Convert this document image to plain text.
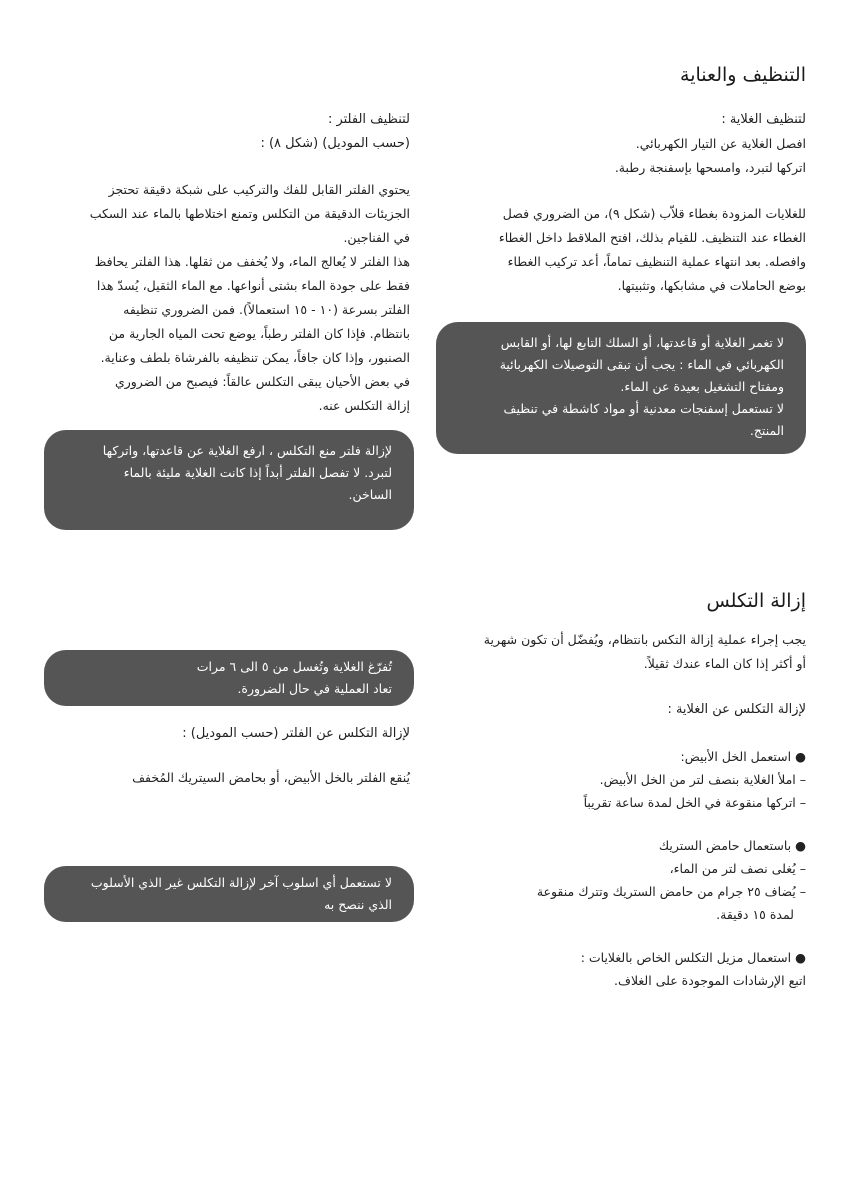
التنظيف والعناية
لتنظيف الغلاية :
افصل الغلاية عن التيار الكهربائي.
اتركها لتبرد، وامسحها بإسفنجة رطبة.
للغلايات المزودة بغطاء قلاّب (شكل ٩)، من الضروري فصل
الغطاء عند التنظيف. للقيام بذلك، افتح الملاقط داخل الغطاء
وافصله. بعد انتهاء عملية التنظيف تماماً، أعد تركيب الغطاء
بوضع الحاملات في مشابكها، وتثبيتها.
لا تغمر الغلاية أو قاعدتها، أو السلك التابع لها، أو القابس
الكهربائي في الماء : يجب أن تبقى التوصيلات الكهربائية
ومفتاح التشغيل بعيدة عن الماء.
لا تستعمل إسفنجات معدنية أو مواد كاشطة في تنظيف
المنتج.
لتنظيف الفلتر :
(حسب الموديل) (شكل ٨) :
يحتوي الفلتر القابل للفك والتركيب على شبكة دقيقة تحتجز
الجزيئات الدقيقة من التكلس وتمنع اختلاطها بالماء عند السكب
في الفناجين.
هذا الفلتر لا يُعالج الماء، ولا يُخفف من ثقلها. هذا الفلتر يحافظ
فقط على جودة الماء بشتى أنواعها. مع الماء الثقيل، يُسدّ هذا
الفلتر بسرعة (١٠ - ١٥ استعمالاً). فمن الضروري تنظيفه
بانتظام. فإذا كان الفلتر رطباً، يوضع تحت المياه الجارية من
الصنبور، وإذا كان جافاً، يمكن تنظيفه بالفرشاة بلطف وعناية.
في بعض الأحيان يبقى التكلس عالقاً: فيصبح من الضروري
إزالة التكلس عنه.
لإزالة فلتر منع التكلس ، ارفع الغلاية عن قاعدتها، واتركها
لتبرد. لا تفصل الفلتر أبداً إذا كانت الغلاية مليئة بالماء
الساخن.
إزالة التكلس
يجب إجراء عملية إزالة التكس بانتظام، ويُفضّل أن تكون شهرية
أو أكثر إذا كان الماء عندك ثقيلاً.
لإزالة التكلس عن الغلاية :
● استعمل الخل الأبيض:
– املأ الغلاية بنصف لتر من الخل الأبيض.
– اتركها منقوعة في الخل لمدة ساعة تقريباً
● باستعمال حامض الستريك
– يُغلى نصف لتر من الماء،
– يُضاف ٢٥ جرام من حامض الستريك وتترك منقوعة
لمدة ١٥ دقيقة.
● استعمال مزيل التكلس الخاص بالغلايات :
اتبع الإرشادات الموجودة على الغلاف.
تُفرّغ الغلاية وتُغسل من ٥ الى ٦ مرات
تعاد العملية في حال الضرورة.
لإزالة التكلس عن الفلتر (حسب الموديل) :
يُنقع الفلتر بالخل الأبيض، أو بحامض السيتريك المُخفف
لا تستعمل أي اسلوب آخر لإزالة التكلس غير الذي الأسلوب
الذي ننصح به
